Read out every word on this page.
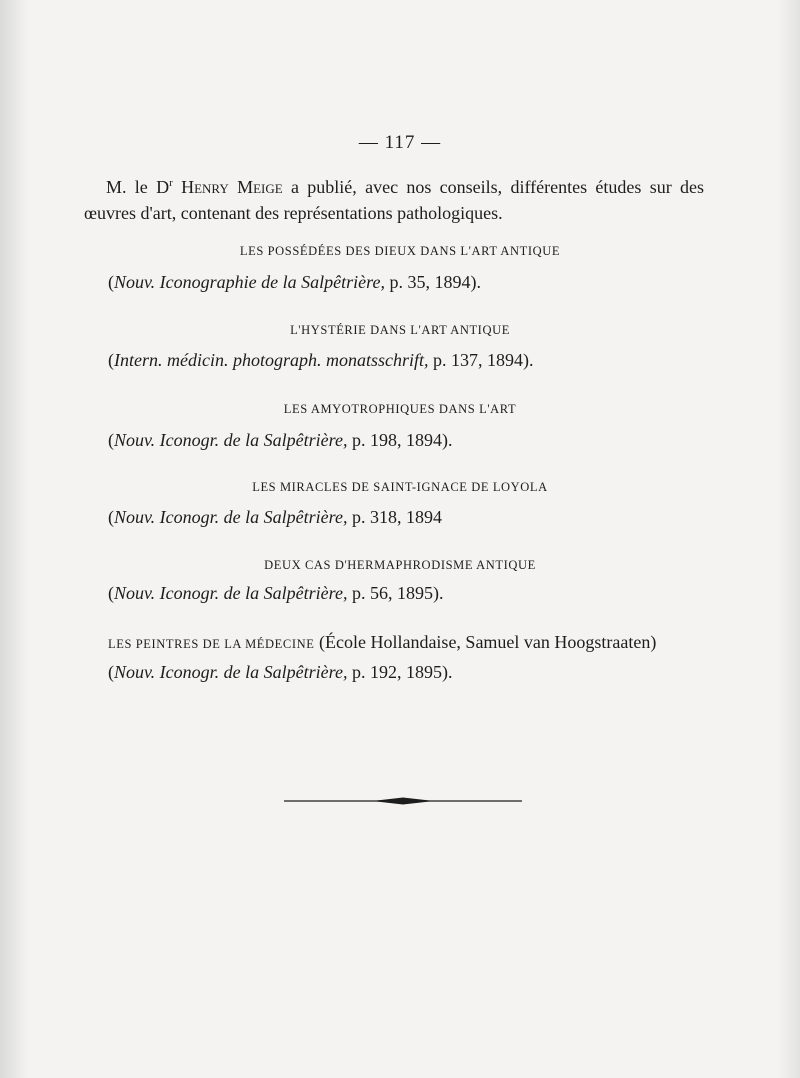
— 117 —
M. le $D^r$ Henry Meige a publié, avec nos conseils, différentes études sur des œuvres d'art, contenant des représentations pathologiques.
LES POSSÉDÉES DES DIEUX DANS L'ART ANTIQUE
(Nouv. Iconographie de la Salpêtrière, p. 35, 1894).
L'HYSTÉRIE DANS L'ART ANTIQUE
(Intern. médicin. photograph. monatsschrift, p. 137, 1894).
LES AMYOTROPHIQUES DANS L'ART
(Nouv. Iconogr. de la Salpêtrière, p. 198, 1894).
LES MIRACLES DE SAINT-IGNACE DE LOYOLA
(Nouv. Iconogr. de la Salpêtrière, p. 318, 1894
DEUX CAS D'HERMAPHRODISME ANTIQUE
(Nouv. Iconogr. de la Salpêtrière, p. 56, 1895).
LES PEINTRES DE LA MÉDECINE (École Hollandaise, Samuel van Hoogstraaten)
(Nouv. Iconogr. de la Salpêtrière, p. 192, 1895).
